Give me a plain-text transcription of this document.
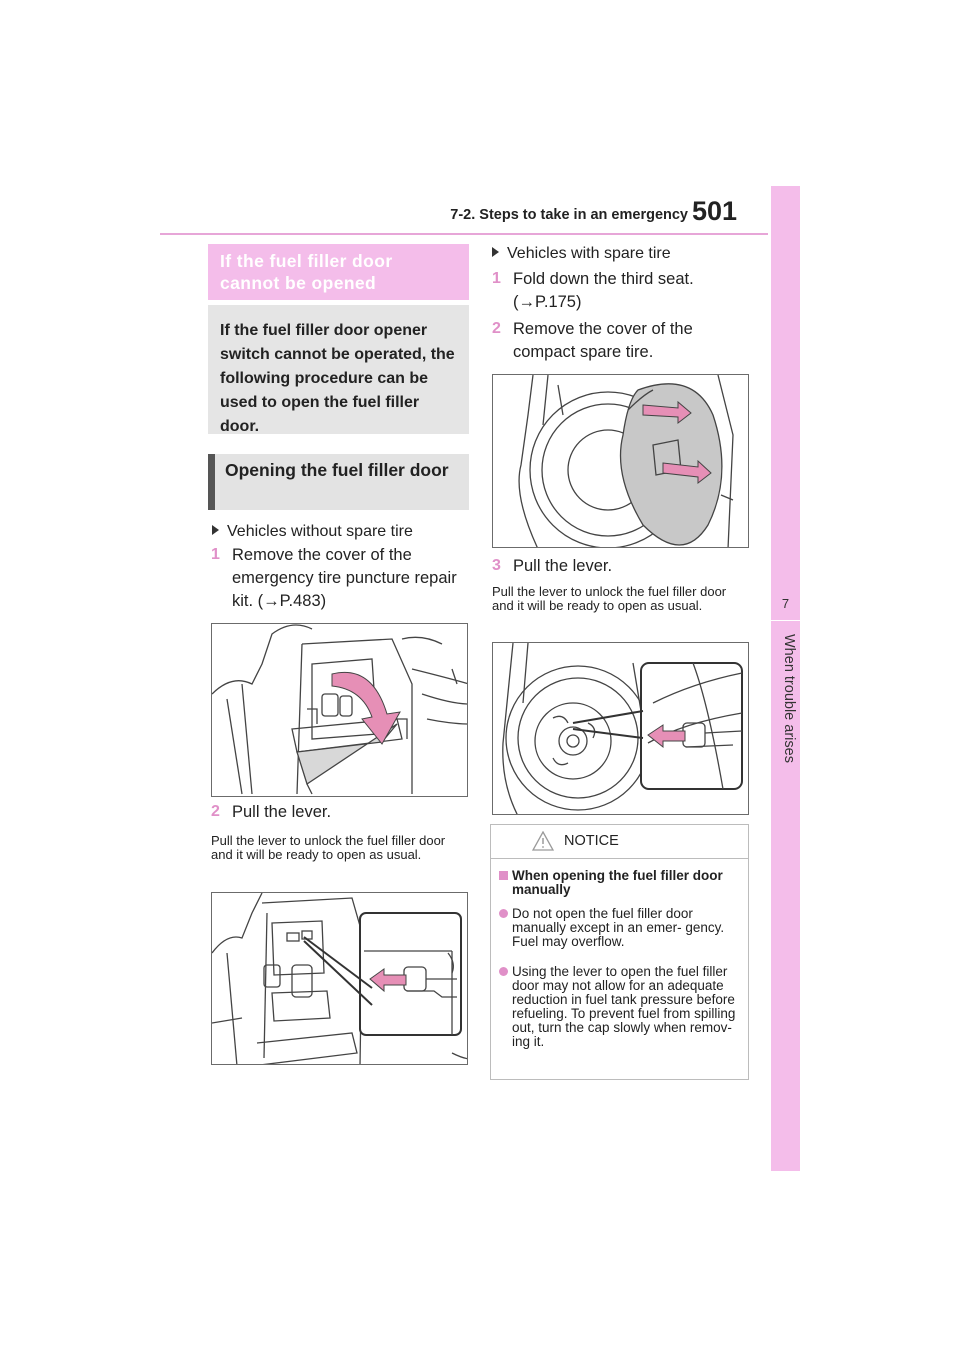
7-2. Steps to take in an emergency 501
7
When trouble arises
If the fuel filler door cannot be opened
If the fuel filler door opener switch cannot be operated, the following procedure can be used to open the fuel filler door.
Opening the fuel filler door
Vehicles without spare tire
1 Remove the cover of the emergency tire puncture repair kit. (→P.483)
2 Pull the lever.
Pull the lever to unlock the fuel filler door and it will be ready to open as usual.
Vehicles with spare tire
1 Fold down the third seat. (→P.175)
2 Remove the cover of the compact spare tire.
3 Pull the lever.
Pull the lever to unlock the fuel filler door and it will be ready to open as usual.
NOTICE
When opening the fuel filler door manually
Do not open the fuel filler door manually except in an emer- gency. Fuel may overflow.
Using the lever to open the fuel filler door may not allow for an adequate reduction in fuel tank pressure before refueling. To prevent fuel from spilling out, turn the cap slowly when remov- ing it.
